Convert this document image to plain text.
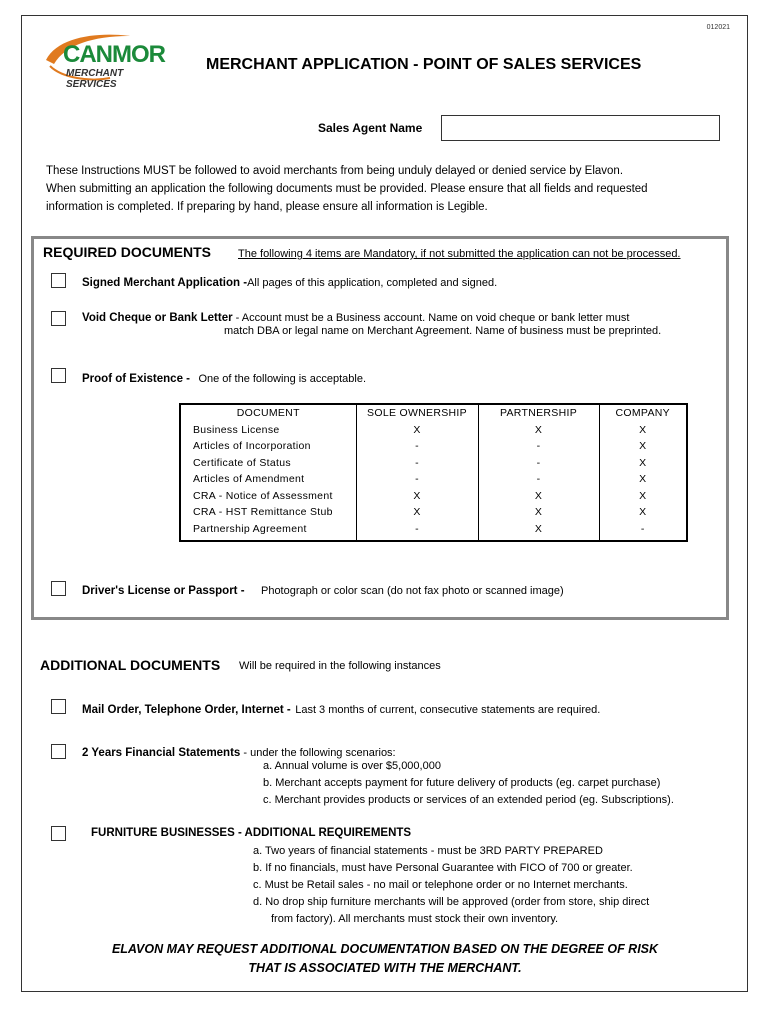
012021
CANMOR
MERCHANT SERVICES
MERCHANT APPLICATION - POINT OF SALES SERVICES
Sales Agent Name
These Instructions MUST be followed to avoid merchants from being unduly delayed or denied service by Elavon.
When submitting an application the following documents must be provided. Please ensure that all fields and requested
information is completed. If preparing by hand, please ensure all information is Legible.
REQUIRED DOCUMENTS The following 4 items are Mandatory, if not submitted the application can not be processed.
Signed Merchant Application -All pages of this application, completed and signed.
Void Cheque or Bank Letter - Account must be a Business account. Name on void cheque or bank letter must
match DBA or legal name on Merchant Agreement. Name of business must be preprinted.
Proof of Existence - One of the following is acceptable.
DOCUMENT	SOLE OWNERSHIP	PARTNERSHIP	COMPANY
Business License	X	X	X
Articles of Incorporation	-	-	X
Certificate of Status	-	-	X
Articles of Amendment	-	-	X
CRA - Notice of Assessment	X	X	X
CRA - HST Remittance Stub	X	X	X
Partnership Agreement	-	X	-
Driver's License or Passport - Photograph or color scan (do not fax photo or scanned image)
ADDITIONAL DOCUMENTS Will be required in the following instances
Mail Order, Telephone Order, Internet - Last 3 months of current, consecutive statements are required.
2 Years Financial Statements - under the following scenarios:
a. Annual volume is over $5,000,000
b. Merchant accepts payment for future delivery of products (eg. carpet purchase)
c. Merchant provides products or services of an extended period (eg. Subscriptions).
FURNITURE BUSINESSES - ADDITIONAL REQUIREMENTS
a. Two years of financial statements - must be 3RD PARTY PREPARED
b. If no financials, must have Personal Guarantee with FICO of 700 or greater.
c. Must be Retail sales - no mail or telephone order or no Internet merchants.
d. No drop ship furniture merchants will be approved (order from store, ship direct
from factory). All merchants must stock their own inventory.
ELAVON MAY REQUEST ADDITIONAL DOCUMENTATION BASED ON THE DEGREE OF RISK
THAT IS ASSOCIATED WITH THE MERCHANT.
